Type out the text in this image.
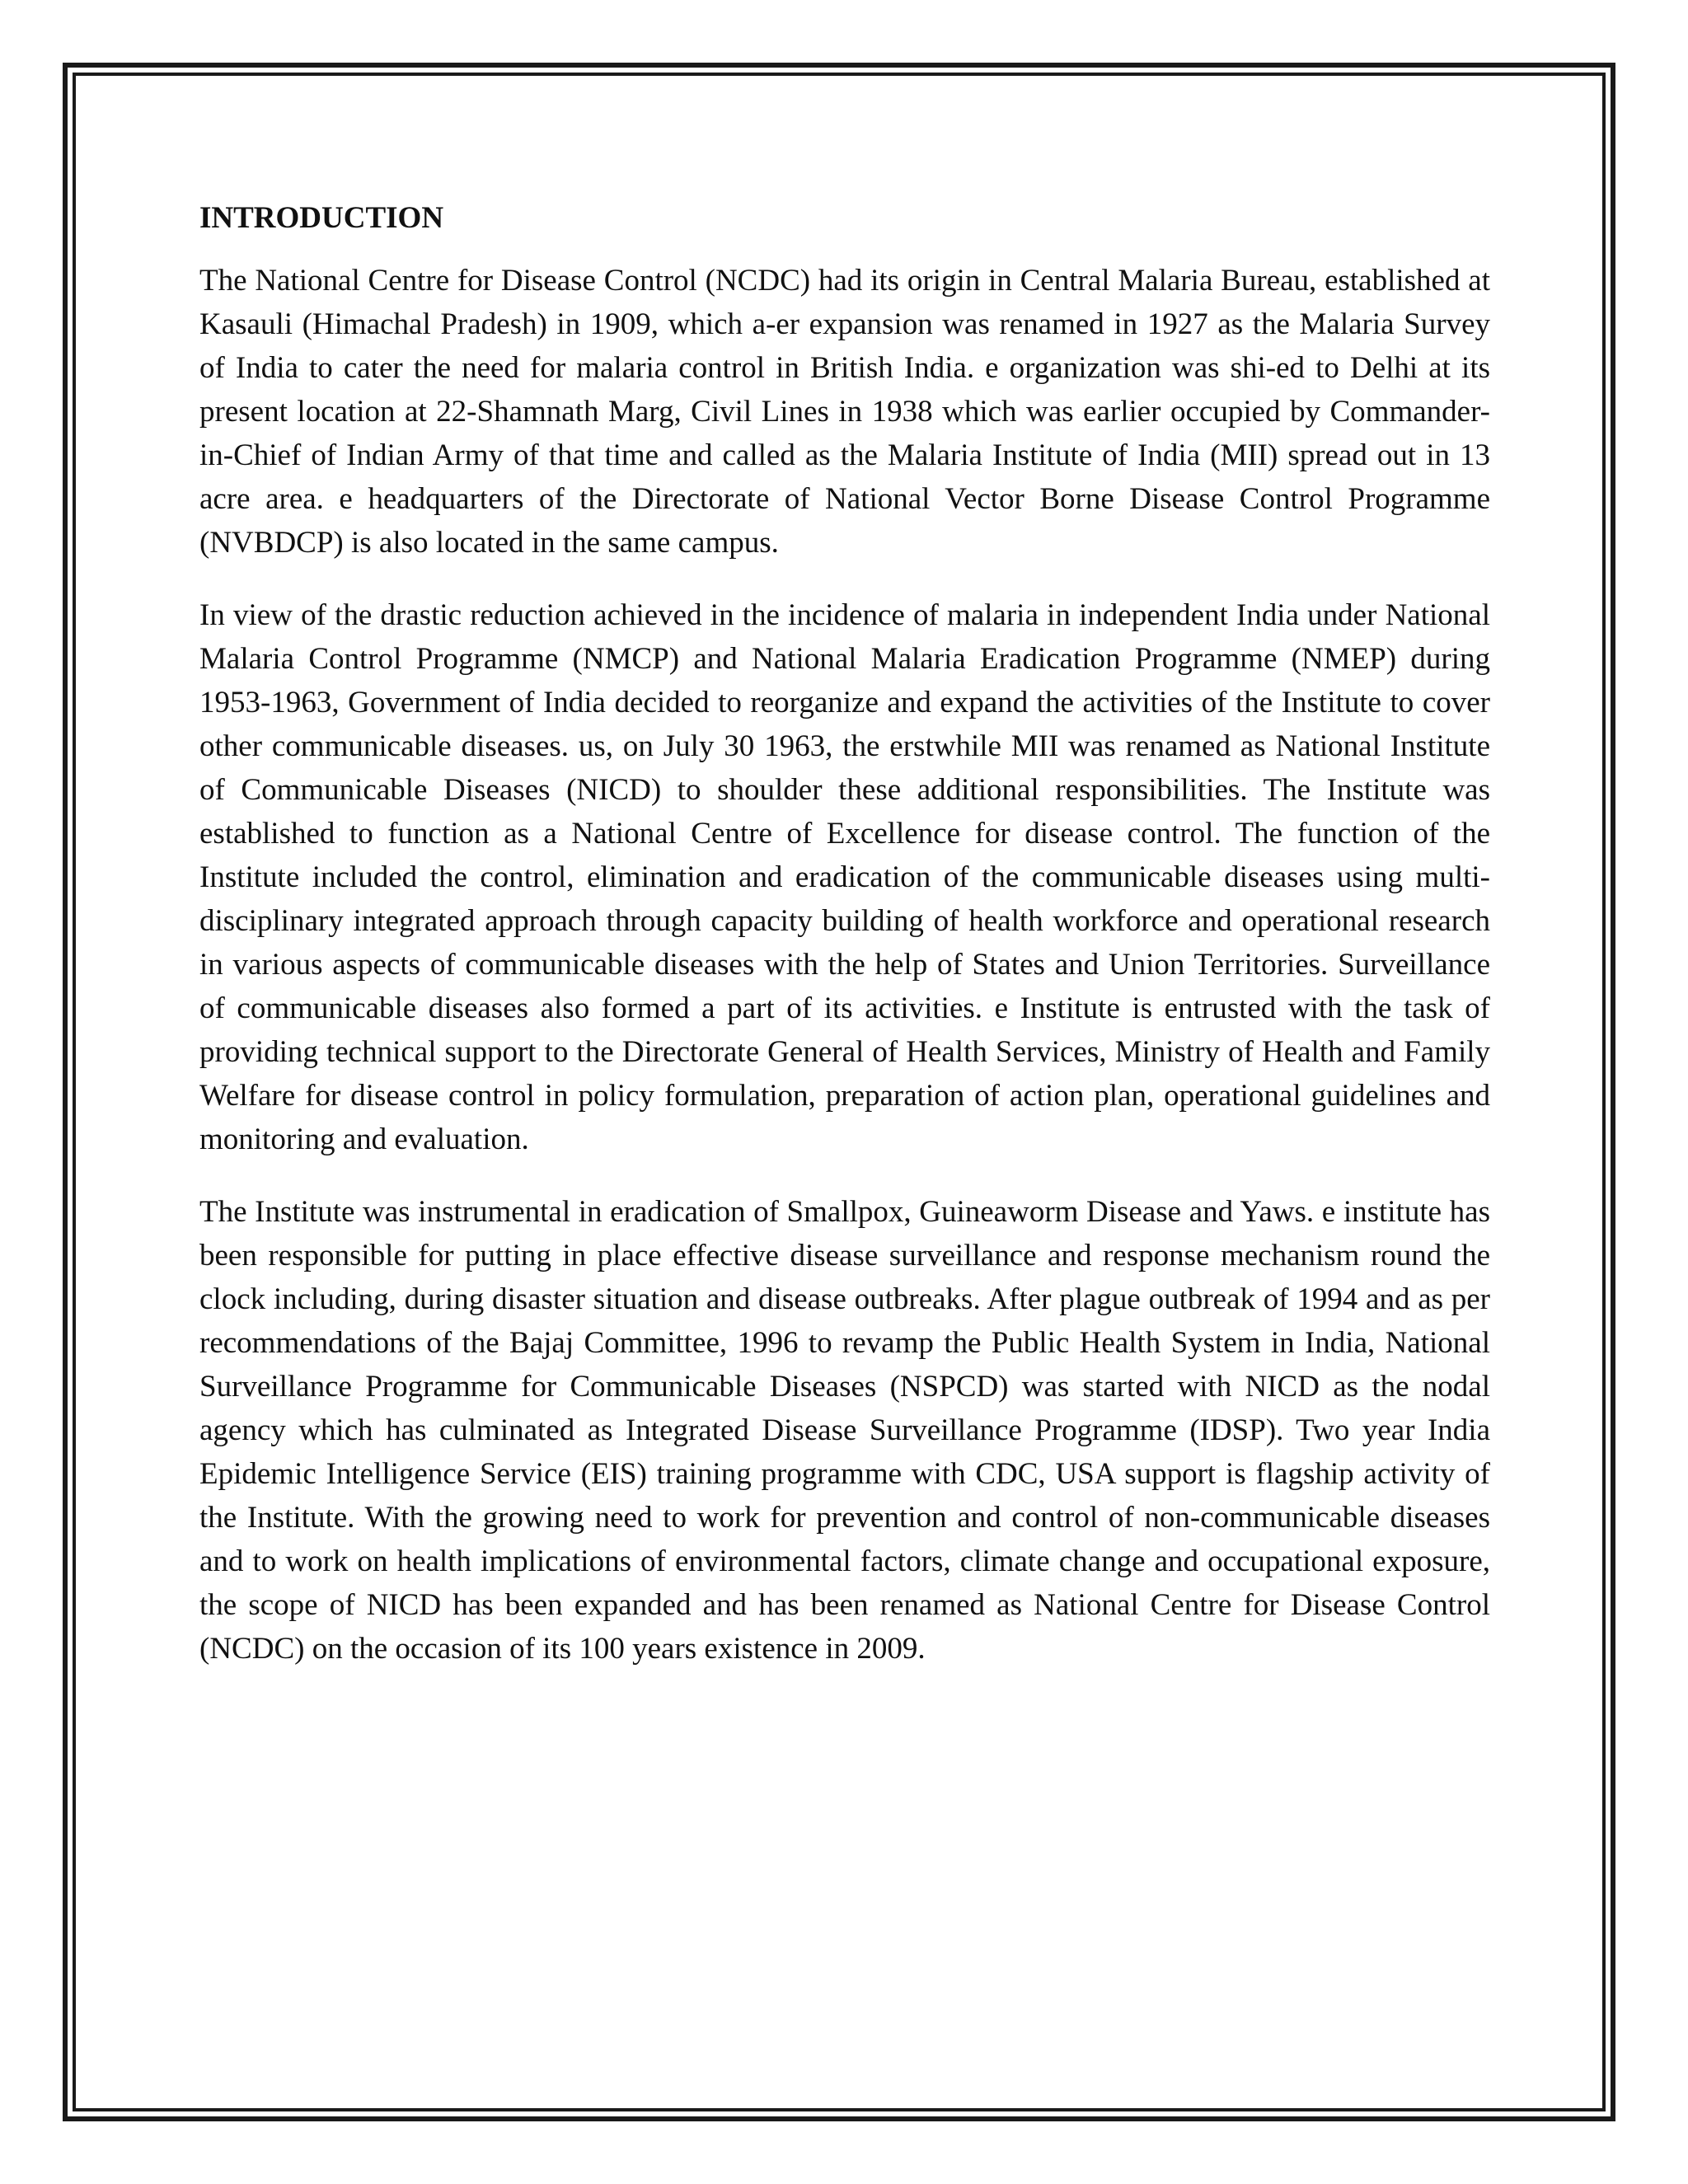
INTRODUCTION

The National Centre for Disease Control (NCDC) had its origin in Central Malaria Bureau, established at Kasauli (Himachal Pradesh) in 1909, which a-er expansion was renamed in 1927 as the Malaria Survey of India to cater the need for malaria control in British India. e organization was shi-ed to Delhi at its present location at 22-Shamnath Marg, Civil Lines in 1938 which was earlier occupied by Commander-in-Chief of Indian Army of that time and called as the Malaria Institute of India (MII) spread out in 13 acre area. e headquarters of the Directorate of National Vector Borne Disease Control Programme (NVBDCP) is also located in the same campus.

In view of the drastic reduction achieved in the incidence of malaria in independent India under National Malaria Control Programme (NMCP) and National Malaria Eradication Programme (NMEP) during 1953-1963, Government of India decided to reorganize and expand the activities of the Institute to cover other communicable diseases. us, on July 30 1963, the erstwhile MII was renamed as National Institute of Communicable Diseases (NICD) to shoulder these additional responsibilities. The Institute was established to function as a National Centre of Excellence for disease control. The function of the Institute included the control, elimination and eradication of the communicable diseases using multi-disciplinary integrated approach through capacity building of health workforce and operational research in various aspects of communicable diseases with the help of States and Union Territories. Surveillance of communicable diseases also formed a part of its activities. e Institute is entrusted with the task of providing technical support to the Directorate General of Health Services, Ministry of Health and Family Welfare for disease control in policy formulation, preparation of action plan, operational guidelines and monitoring and evaluation.

The Institute was instrumental in eradication of Smallpox, Guineaworm Disease and Yaws. e institute has been responsible for putting in place effective disease surveillance and response mechanism round the clock including, during disaster situation and disease outbreaks. After plague outbreak of 1994 and as per recommendations of the Bajaj Committee, 1996 to revamp the Public Health System in India, National Surveillance Programme for Communicable Diseases (NSPCD) was started with NICD as the nodal agency which has culminated as Integrated Disease Surveillance Programme (IDSP). Two year India Epidemic Intelligence Service (EIS) training programme with CDC, USA support is flagship activity of the Institute. With the growing need to work for prevention and control of non-communicable diseases and to work on health implications of environmental factors, climate change and occupational exposure, the scope of NICD has been expanded and has been renamed as National Centre for Disease Control (NCDC) on the occasion of its 100 years existence in 2009.
